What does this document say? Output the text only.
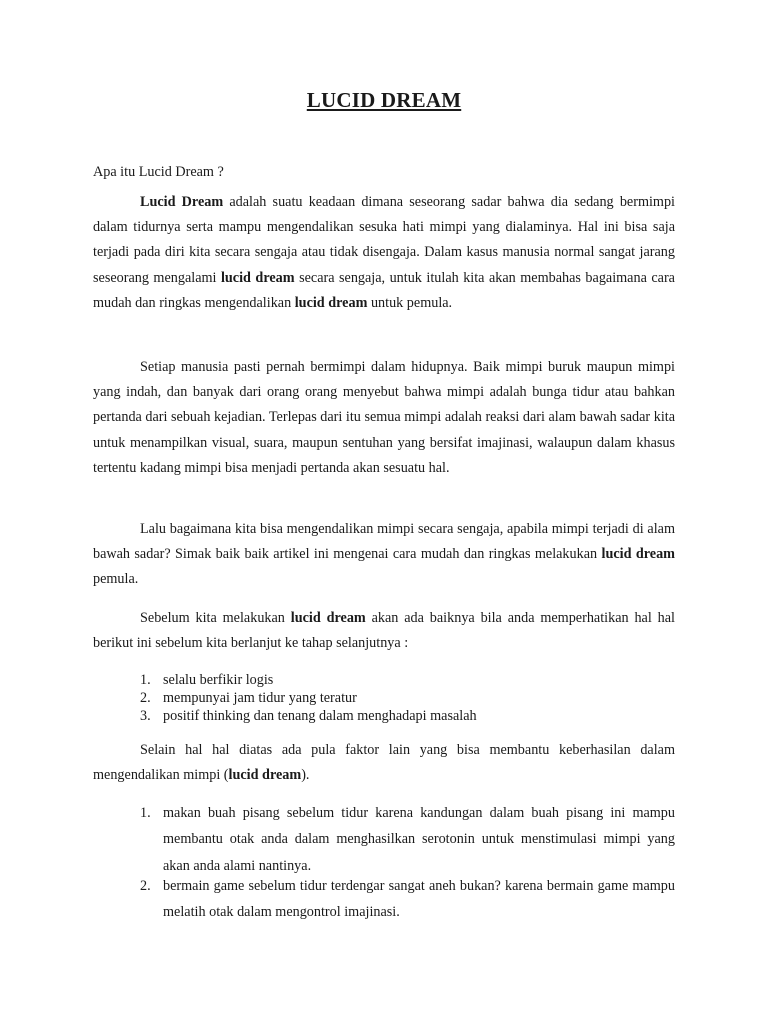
LUCID DREAM
Apa itu Lucid Dream ?

Lucid Dream adalah suatu keadaan dimana seseorang sadar bahwa dia sedang bermimpi dalam tidurnya serta mampu mengendalikan sesuka hati mimpi yang dialaminya. Hal ini bisa saja terjadi pada diri kita secara sengaja atau tidak disengaja. Dalam kasus manusia normal sangat jarang seseorang mengalami lucid dream secara sengaja, untuk itulah kita akan membahas bagaimana cara mudah dan ringkas mengendalikan lucid dream untuk pemula.

Setiap manusia pasti pernah bermimpi dalam hidupnya. Baik mimpi buruk maupun mimpi yang indah, dan banyak dari orang orang menyebut bahwa mimpi adalah bunga tidur atau bahkan pertanda dari sebuah kejadian. Terlepas dari itu semua mimpi adalah reaksi dari alam bawah sadar kita untuk menampilkan visual, suara, maupun sentuhan yang bersifat imajinasi, walaupun dalam khasus tertentu kadang mimpi bisa menjadi pertanda akan sesuatu hal.

Lalu bagaimana kita bisa mengendalikan mimpi secara sengaja, apabila mimpi terjadi di alam bawah sadar? Simak baik baik artikel ini mengenai cara mudah dan ringkas melakukan lucid dream pemula.

Sebelum kita melakukan lucid dream akan ada baiknya bila anda memperhatikan hal hal berikut ini sebelum kita berlanjut ke tahap selanjutnya :

1. selalu berfikir logis
2. mempunyai jam tidur yang teratur
3. positif thinking dan tenang dalam menghadapi masalah

Selain hal hal diatas ada pula faktor lain yang bisa membantu keberhasilan dalam mengendalikan mimpi (lucid dream).

1. makan buah pisang sebelum tidur karena kandungan dalam buah pisang ini mampu membantu otak anda dalam menghasilkan serotonin untuk menstimulasi mimpi yang akan anda alami nantinya.
2. bermain game sebelum tidur terdengar sangat aneh bukan? karena bermain game mampu melatih otak dalam mengontrol imajinasi.
